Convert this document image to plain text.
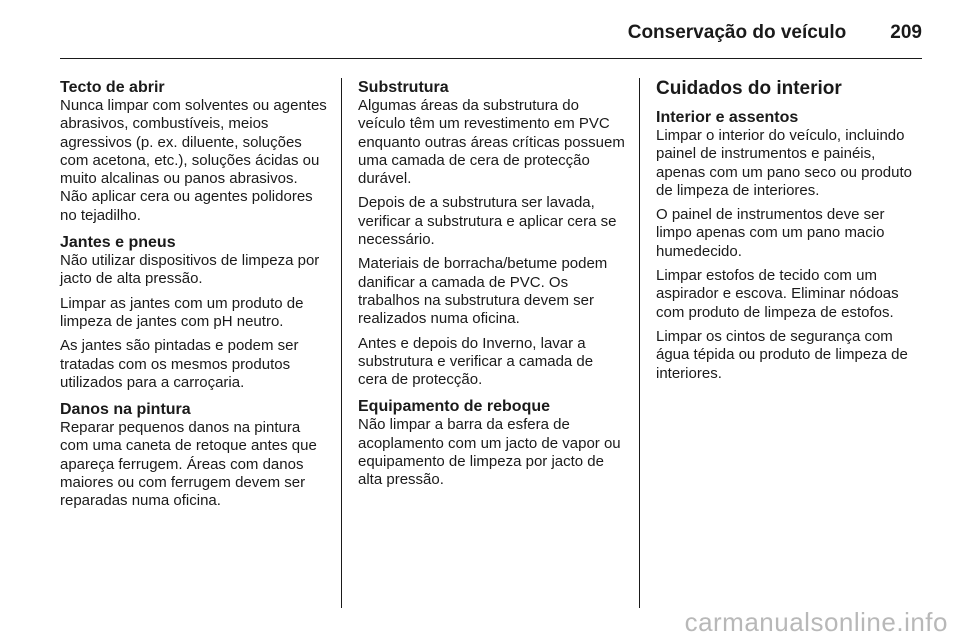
Conservação do veículo 209
Tecto de abrir

Nunca limpar com solventes ou agentes abrasivos, combustíveis, meios agressivos (p. ex. diluente, soluções com acetona, etc.), soluções ácidas ou muito alcalinas ou panos abrasivos. Não aplicar cera ou agentes polidores no tejadilho.

Jantes e pneus

Não utilizar dispositivos de limpeza por jacto de alta pressão.

Limpar as jantes com um produto de limpeza de jantes com pH neutro.

As jantes são pintadas e podem ser tratadas com os mesmos produtos utilizados para a carroçaria.

Danos na pintura

Reparar pequenos danos na pintura com uma caneta de retoque antes que apareça ferrugem. Áreas com danos maiores ou com ferrugem devem ser reparadas numa oficina.

Substrutura

Algumas áreas da substrutura do veículo têm um revestimento em PVC enquanto outras áreas críticas possuem uma camada de cera de protecção durável.

Depois de a substrutura ser lavada, verificar a substrutura e aplicar cera se necessário.

Materiais de borracha/betume podem danificar a camada de PVC. Os trabalhos na substrutura devem ser realizados numa oficina.

Antes e depois do Inverno, lavar a substrutura e verificar a camada de cera de protecção.

Equipamento de reboque

Não limpar a barra da esfera de acoplamento com um jacto de vapor ou equipamento de limpeza por jacto de alta pressão.

Cuidados do interior
Interior e assentos

Limpar o interior do veículo, incluindo painel de instrumentos e painéis, apenas com um pano seco ou produto de limpeza de interiores.

O painel de instrumentos deve ser limpo apenas com um pano macio humedecido.

Limpar estofos de tecido com um aspirador e escova. Eliminar nódoas com produto de limpeza de estofos.

Limpar os cintos de segurança com água tépida ou produto de limpeza de interiores.

carmanualsonline.info
